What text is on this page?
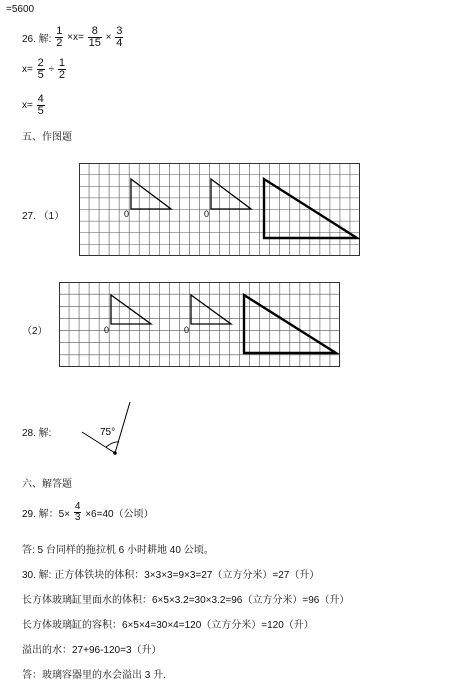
=5600
26. 解: $\frac{1}{2} \times x= \frac{8}{15} \times \frac{3}{4}$
$x= \frac{2}{5} \div \frac{1}{2}$
$x= \frac{4}{5}$
五、作图题
27. （1）	0	0
（2）	0	0
28. 解:	75°
六、解答题
29. 解：$5\times \frac{4}{3} \times 6=40$（公顷）
答: 5 台同样的拖拉机 6 小时耕地 40 公顷。
30. 解: 正方体铁块的体积：3×3×3=9×3=27（立方分米）=27（升）
长方体玻璃缸里面水的体积：6×5×3.2=30×3.2=96（立方分米）=96（升）
长方体玻璃缸的容积：6×5×4=30×4=120（立方分米）=120（升）
溢出的水：27+96-120=3（升）
答：玻璃容器里的水会溢出 3 升.
